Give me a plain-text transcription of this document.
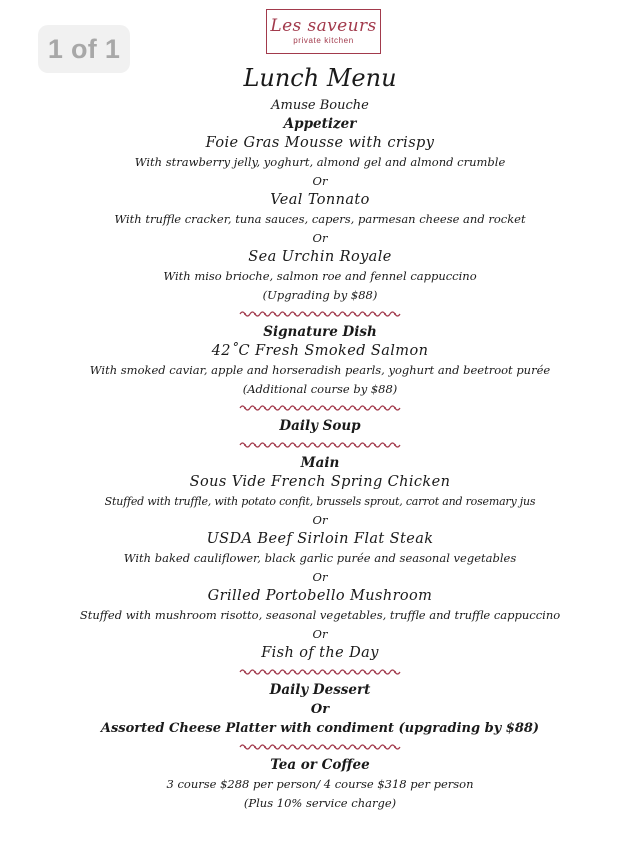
1 of 1
Les saveurs
private kitchen
Lunch Menu
Amuse Bouche
Appetizer
Foie Gras Mousse with crispy
With strawberry jelly, yoghurt, almond gel and almond crumble
Or
Veal Tonnato
With truffle cracker, tuna sauces, capers, parmesan cheese and rocket
Or
Sea Urchin Royale
With miso brioche, salmon roe and fennel cappuccino
(Upgrading by $88)
Signature Dish
42˚C Fresh Smoked Salmon
With smoked caviar, apple and horseradish pearls, yoghurt and beetroot purée
(Additional course by $88)
Daily Soup
Main
Sous Vide French Spring Chicken
Stuffed with truffle, with potato confit, brussels sprout, carrot and rosemary jus
Or
USDA Beef Sirloin Flat Steak
With baked cauliflower, black garlic purée and seasonal vegetables
Or
Grilled Portobello Mushroom
Stuffed with mushroom risotto, seasonal vegetables, truffle and truffle cappuccino
Or
Fish of the Day
Daily Dessert
Or
Assorted Cheese Platter with condiment (upgrading by $88)
Tea or Coffee
3 course $288 per person/ 4 course $318 per person
(Plus 10% service charge)
